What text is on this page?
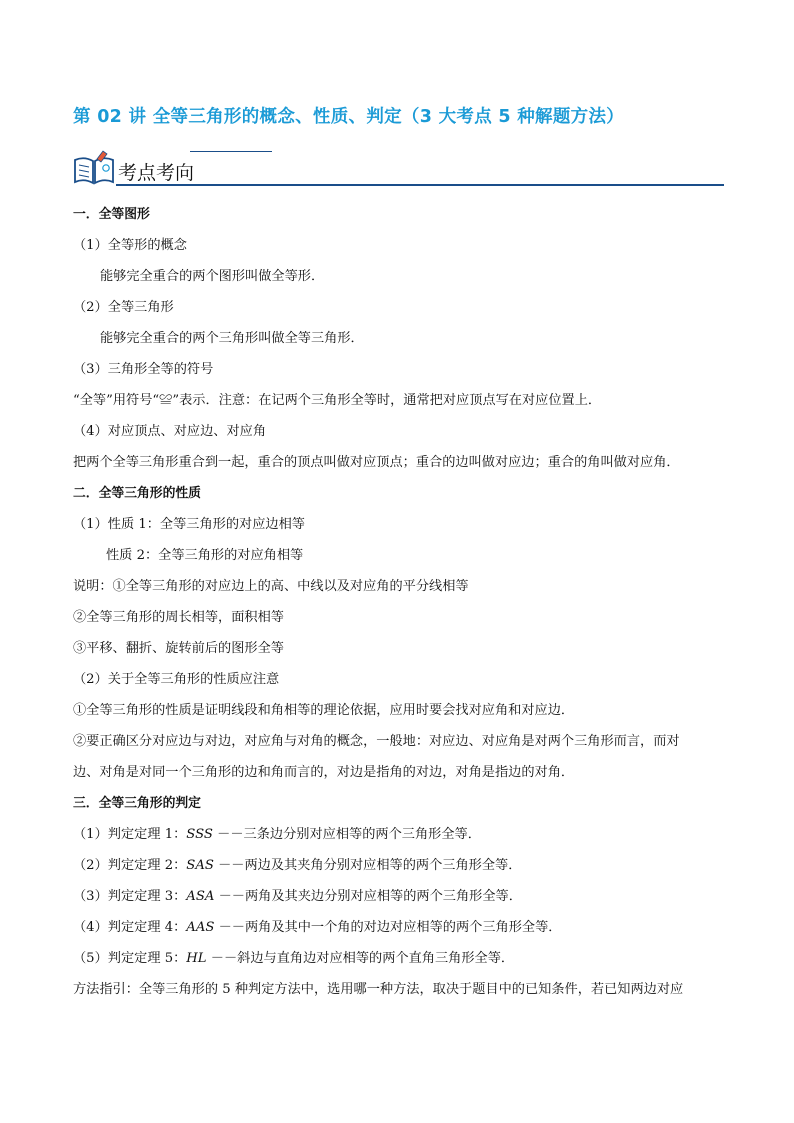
第 02 讲 全等三角形的概念、性质、判定（3 大考点 5 种解题方法）
考点考向
一．全等图形
（1）全等形的概念
能够完全重合的两个图形叫做全等形．
（2）全等三角形
能够完全重合的两个三角形叫做全等三角形．
（3）三角形全等的符号
“全等”用符号“≌”表示．注意：在记两个三角形全等时，通常把对应顶点写在对应位置上．
（4）对应顶点、对应边、对应角
把两个全等三角形重合到一起，重合的顶点叫做对应顶点；重合的边叫做对应边；重合的角叫做对应角．
二．全等三角形的性质
（1）性质 1：全等三角形的对应边相等
性质 2：全等三角形的对应角相等
说明：①全等三角形的对应边上的高、中线以及对应角的平分线相等
②全等三角形的周长相等，面积相等
③平移、翻折、旋转前后的图形全等
（2）关于全等三角形的性质应注意
①全等三角形的性质是证明线段和角相等的理论依据，应用时要会找对应角和对应边．
②要正确区分对应边与对边，对应角与对角的概念，一般地：对应边、对应角是对两个三角形而言，而对
边、对角是对同一个三角形的边和角而言的，对边是指角的对边，对角是指边的对角．
三．全等三角形的判定
（1）判定定理 1：SSS －－三条边分别对应相等的两个三角形全等．
（2）判定定理 2：SAS －－两边及其夹角分别对应相等的两个三角形全等．
（3）判定定理 3：ASA －－两角及其夹边分别对应相等的两个三角形全等．
（4）判定定理 4：AAS －－两角及其中一个角的对边对应相等的两个三角形全等．
（5）判定定理 5：HL －－斜边与直角边对应相等的两个直角三角形全等．
方法指引：全等三角形的 5 种判定方法中，选用哪一种方法，取决于题目中的已知条件，若已知两边对应
